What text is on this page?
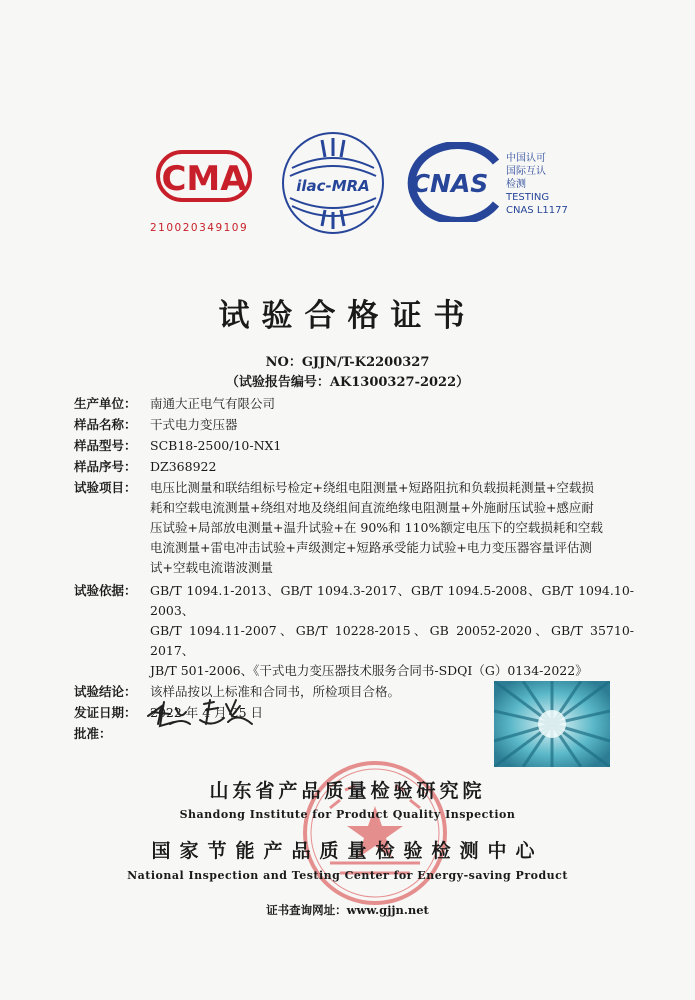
CMA
210020349109
ilac-MRA CNAS
中国认可
国际互认
检测
TESTING
CNAS L1177
试验合格证书
NO：GJJN/T-K2200327
（试验报告编号：AK1300327-2022）
生产单位：	南通大正电气有限公司
样品名称：	干式电力变压器
样品型号：	SCB18-2500/10-NX1
样品序号：	DZ368922
试验项目：	电压比测量和联结组标号检定+绕组电阻测量+短路阻抗和负载损耗测量+空载损
耗和空载电流测量+绕组对地及绕组间直流绝缘电阻测量+外施耐压试验+感应耐
压试验+局部放电测量+温升试验+在 90%和 110%额定电压下的空载损耗和空载
电流测量+雷电冲击试验+声级测定+短路承受能力试验+电力变压器容量评估测
试+空载电流谐波测量
试验依据：	GB/T 1094.1-2013、GB/T 1094.3-2017、GB/T 1094.5-2008、GB/T 1094.10-2003、
GB/T 1094.11-2007、GB/T 10228-2015、GB 20052-2020、GB/T 35710-2017、
JB/T 501-2006、《干式电力变压器技术服务合同书-SDQI（G）0134-2022》
试验结论：	该样品按以上标准和合同书，所检项目合格。
发证日期：	2022 年 4 月 25 日
批准：
山东省产品质量检验研究院
Shandong Institute for Product Quality Inspection
国家节能产品质量检验检测中心
National Inspection and Testing Center for Energy-saving Product
证书查询网址：www.gjjn.net
